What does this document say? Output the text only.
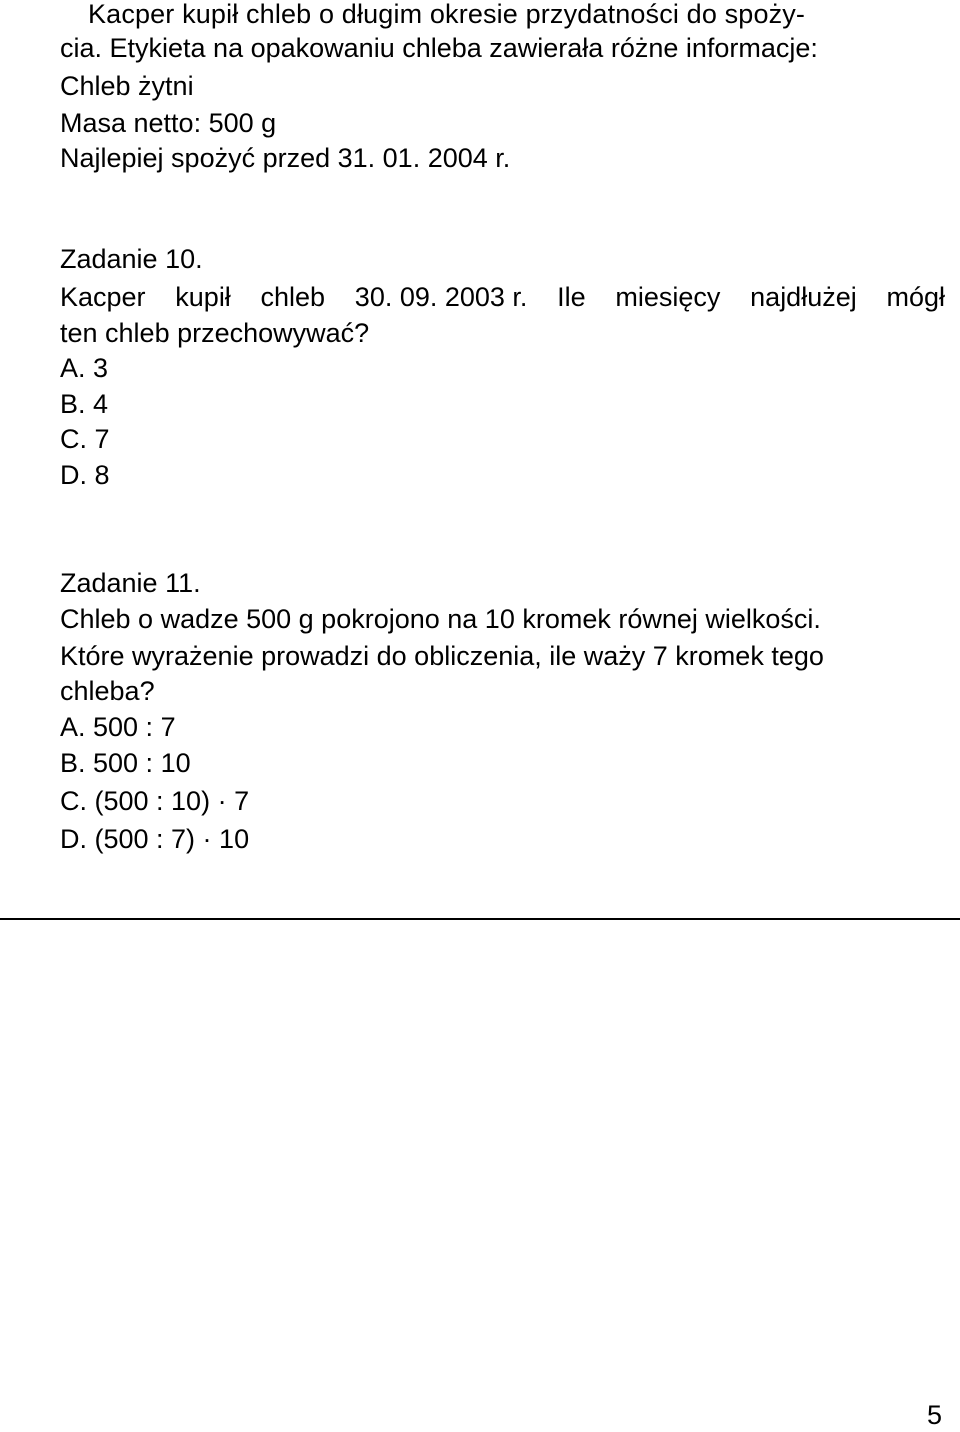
Kacper kupił chleb o długim okresie przydatności do spoży-
cia. Etykieta na opakowaniu chleba zawierała różne informacje:
Chleb żytni
Masa netto: 500 g
Najlepiej spożyć przed 31. 01. 2004 r.
Zadanie 10.
Kacper kupił chleb 30. 09. 2003 r. Ile miesięcy najdłużej mógł
ten chleb przechowywać?
A. 3
B. 4
C. 7
D. 8
Zadanie 11.
Chleb o wadze 500 g pokrojono na 10 kromek równej wielkości.
Które wyrażenie prowadzi do obliczenia, ile waży 7 kromek tego
chleba?
A. 500 : 7
B. 500 : 10
C. (500 : 10) · 7
D. (500 : 7) · 10
5
